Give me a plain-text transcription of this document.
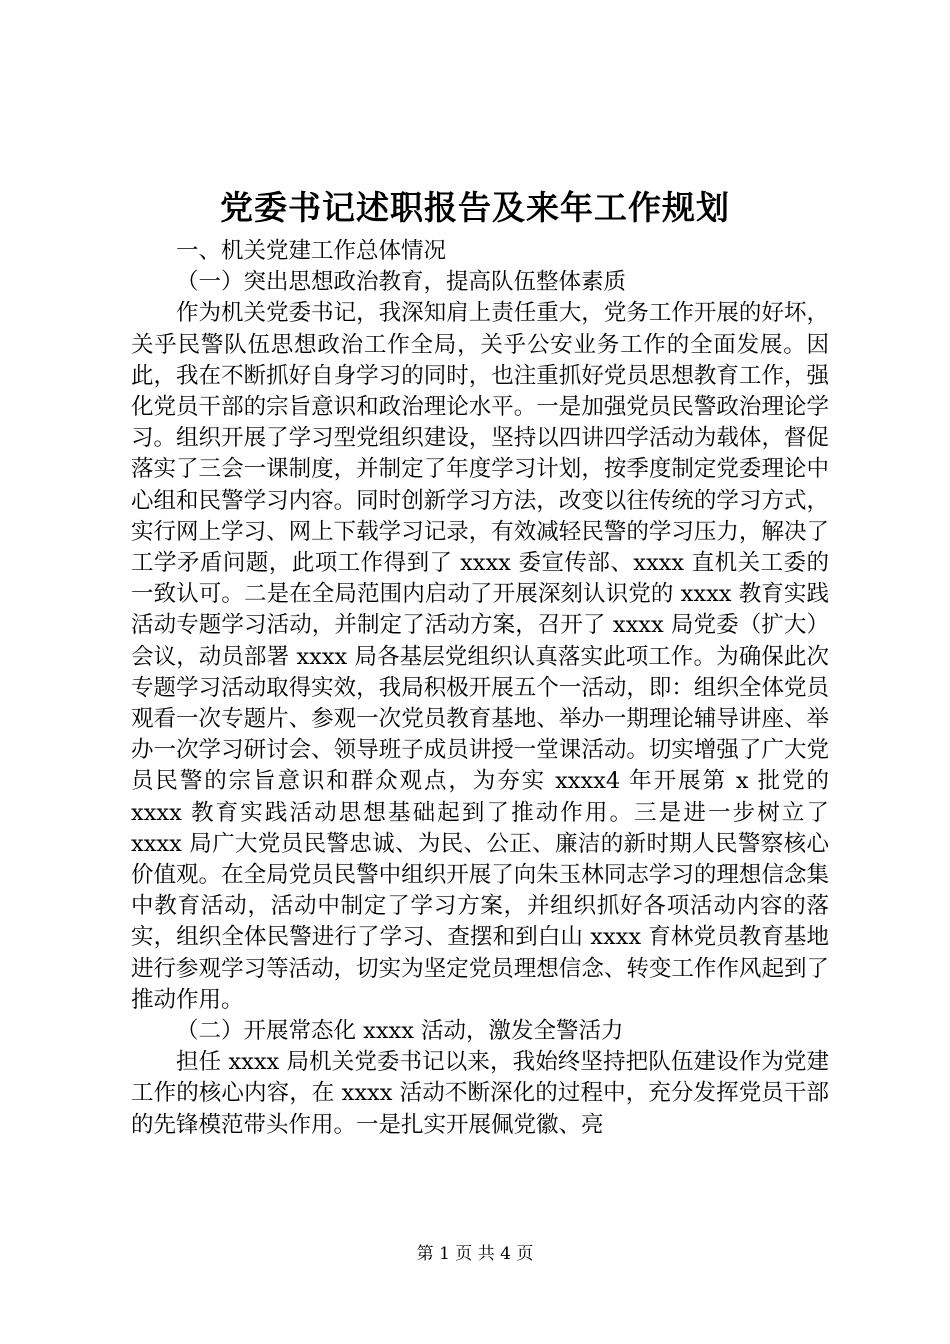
党委书记述职报告及来年工作规划
一、机关党建工作总体情况
（一）突出思想政治教育，提高队伍整体素质

作为机关党委书记，我深知肩上责任重大，党务工作开展的好坏，关乎民警队伍思想政治工作全局，关乎公安业务工作的全面发展。因此，我在不断抓好自身学习的同时，也注重抓好党员思想教育工作，强化党员干部的宗旨意识和政治理论水平。一是加强党员民警政治理论学习。组织开展了学习型党组织建设，坚持以四讲四学活动为载体，督促落实了三会一课制度，并制定了年度学习计划，按季度制定党委理论中心组和民警学习内容。同时创新学习方法，改变以往传统的学习方式，实行网上学习、网上下载学习记录，有效减轻民警的学习压力，解决了工学矛盾问题，此项工作得到了 xxxx 委宣传部、xxxx 直机关工委的一致认可。二是在全局范围内启动了开展深刻认识党的 xxxx 教育实践活动专题学习活动，并制定了活动方案，召开了 xxxx 局党委（扩大）会议，动员部署 xxxx 局各基层党组织认真落实此项工作。为确保此次专题学习活动取得实效，我局积极开展五个一活动，即：组织全体党员观看一次专题片、参观一次党员教育基地、举办一期理论辅导讲座、举办一次学习研讨会、领导班子成员讲授一堂课活动。切实增强了广大党员民警的宗旨意识和群众观点，为夯实 xxxx4 年开展第 x 批党的 xxxx 教育实践活动思想基础起到了推动作用。三是进一步树立了 xxxx 局广大党员民警忠诚、为民、公正、廉洁的新时期人民警察核心价值观。在全局党员民警中组织开展了向朱玉林同志学习的理想信念集中教育活动，活动中制定了学习方案，并组织抓好各项活动内容的落实，组织全体民警进行了学习、查摆和到白山 xxxx 育林党员教育基地进行参观学习等活动，切实为坚定党员理想信念、转变工作作风起到了推动作用。

（二）开展常态化 xxxx 活动，激发全警活力

担任 xxxx 局机关党委书记以来，我始终坚持把队伍建设作为党建工作的核心内容，在 xxxx 活动不断深化的过程中，充分发挥党员干部的先锋模范带头作用。一是扎实开展佩党徽、亮

第 1 页 共 4 页
